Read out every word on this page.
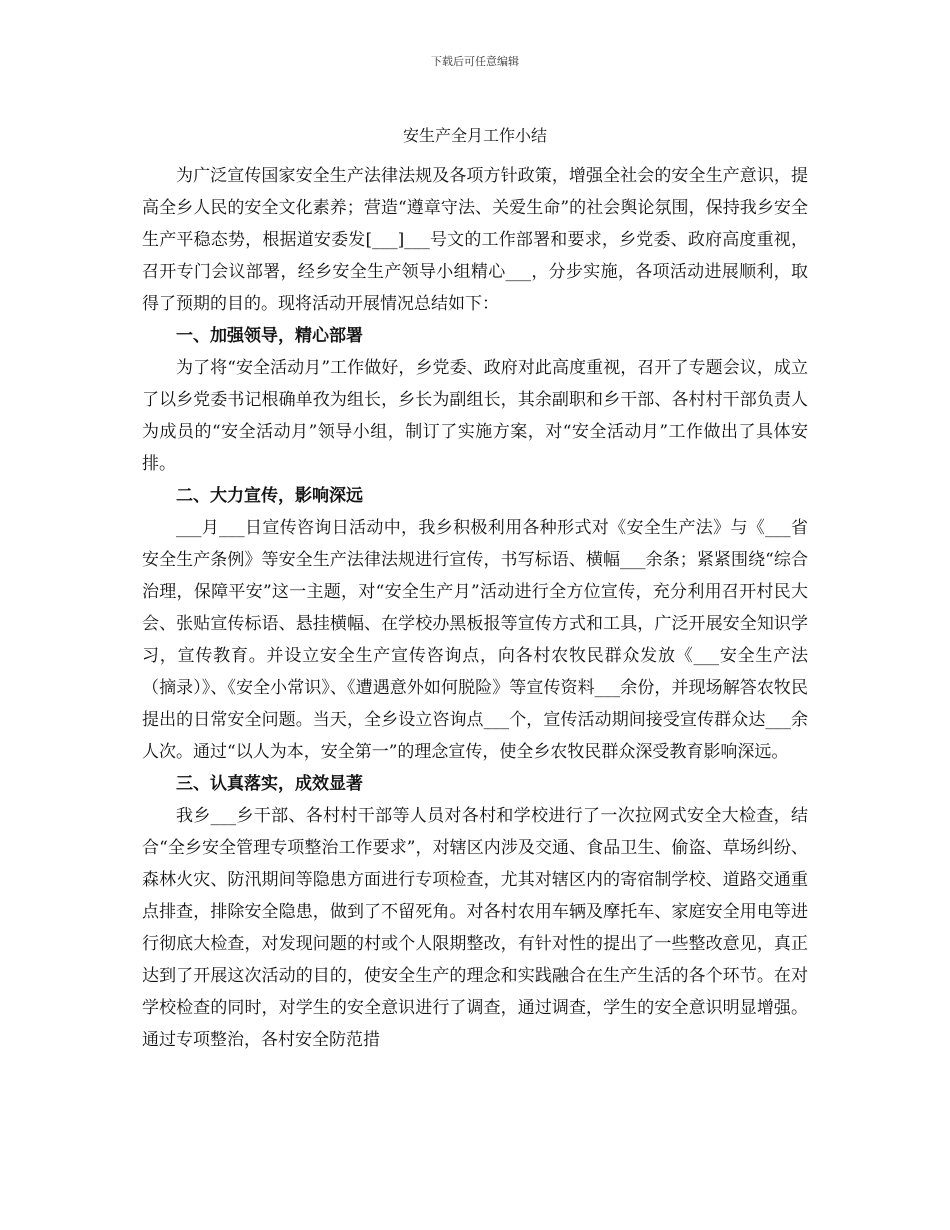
下载后可任意编辑
安生产全月工作小结

为广泛宣传国家安全生产法律法规及各项方针政策，增强全社会的安全生产意识，提高全乡人民的安全文化素养；营造“遵章守法、关爱生命”的社会舆论氛围，保持我乡安全生产平稳态势，根据道安委发[___]___号文的工作部署和要求，乡党委、政府高度重视，召开专门会议部署，经乡安全生产领导小组精心___，分步实施，各项活动进展顺利，取得了预期的目的。现将活动开展情况总结如下：

一、加强领导，精心部署

为了将“安全活动月”工作做好，乡党委、政府对此高度重视，召开了专题会议，成立了以乡党委书记根确单孜为组长，乡长为副组长，其余副职和乡干部、各村村干部负责人为成员的“安全活动月”领导小组，制订了实施方案，对“安全活动月”工作做出了具体安排。

二、大力宣传，影响深远

___月___日宣传咨询日活动中，我乡积极利用各种形式对《安全生产法》与《___省安全生产条例》等安全生产法律法规进行宣传，书写标语、横幅___余条；紧紧围绕“综合治理，保障平安”这一主题，对“安全生产月”活动进行全方位宣传，充分利用召开村民大会、张贴宣传标语、悬挂横幅、在学校办黑板报等宣传方式和工具，广泛开展安全知识学习，宣传教育。并设立安全生产宣传咨询点，向各村农牧民群众发放《___安全生产法（摘录）》、《安全小常识》、《遭遇意外如何脱险》等宣传资料___余份，并现场解答农牧民提出的日常安全问题。当天，全乡设立咨询点___个，宣传活动期间接受宣传群众达___余人次。通过“以人为本，安全第一”的理念宣传，使全乡农牧民群众深受教育影响深远。

三、认真落实，成效显著

我乡___乡干部、各村村干部等人员对各村和学校进行了一次拉网式安全大检查，结合“全乡安全管理专项整治工作要求”，对辖区内涉及交通、食品卫生、偷盗、草场纠纷、森林火灾、防汛期间等隐患方面进行专项检查，尤其对辖区内的寄宿制学校、道路交通重点排查，排除安全隐患，做到了不留死角。对各村农用车辆及摩托车、家庭安全用电等进行彻底大检查，对发现问题的村或个人限期整改，有针对性的提出了一些整改意见，真正达到了开展这次活动的目的，使安全生产的理念和实践融合在生产生活的各个环节。在对学校检查的同时，对学生的安全意识进行了调查，通过调查，学生的安全意识明显增强。通过专项整治，各村安全防范措
